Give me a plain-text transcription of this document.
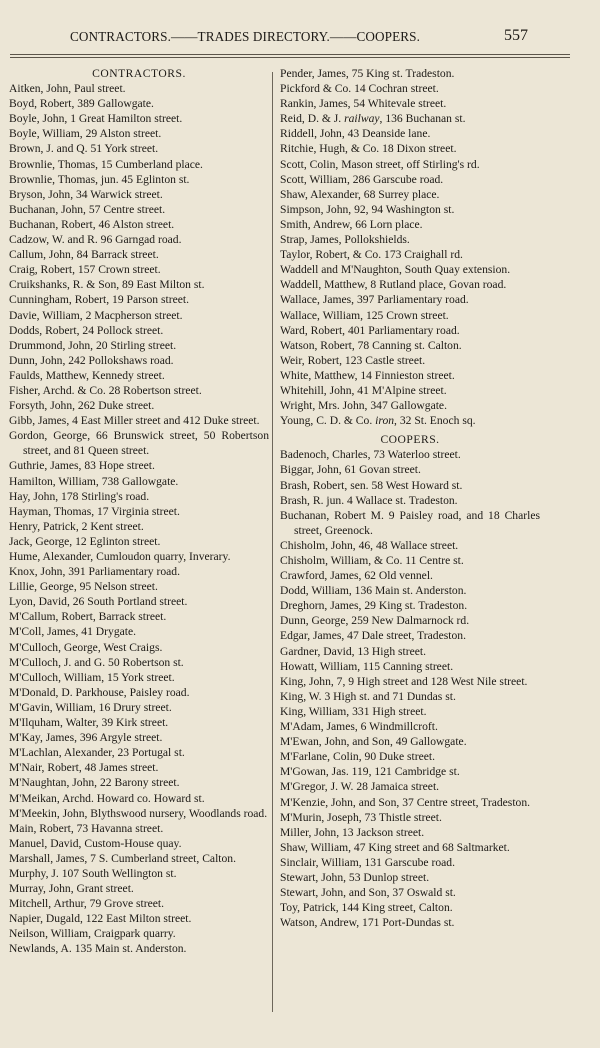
CONTRACTORS.——TRADES DIRECTORY.——COOPERS.	557
CONTRACTORS.
Aitken, John, Paul street.
Boyd, Robert, 389 Gallowgate.
Boyle, John, 1 Great Hamilton street.
Boyle, William, 29 Alston street.
Brown, J. and Q. 51 York street.
Brownlie, Thomas, 15 Cumberland place.
Brownlie, Thomas, jun. 45 Eglinton st.
Bryson, John, 34 Warwick street.
Buchanan, John, 57 Centre street.
Buchanan, Robert, 46 Alston street.
Cadzow, W. and R. 96 Garngad road.
Callum, John, 84 Barrack street.
Craig, Robert, 157 Crown street.
Cruikshanks, R. & Son, 89 East Milton st.
Cunningham, Robert, 19 Parson street.
Davie, William, 2 Macpherson street.
Dodds, Robert, 24 Pollock street.
Drummond, John, 20 Stirling street.
Dunn, John, 242 Pollokshaws road.
Faulds, Matthew, Kennedy street.
Fisher, Archd. & Co. 28 Robertson street.
Forsyth, John, 262 Duke street.
Gibb, James, 4 East Miller street and 412 Duke street.
Gordon, George, 66 Brunswick street, 50 Robertson street, and 81 Queen street.
Guthrie, James, 83 Hope street.
Hamilton, William, 738 Gallowgate.
Hay, John, 178 Stirling's road.
Hayman, Thomas, 17 Virginia street.
Henry, Patrick, 2 Kent street.
Jack, George, 12 Eglinton street.
Hume, Alexander, Cumloudon quarry, Inverary.
Knox, John, 391 Parliamentary road.
Lillie, George, 95 Nelson street.
Lyon, David, 26 South Portland street.
M'Callum, Robert, Barrack street.
M'Coll, James, 41 Drygate.
M'Culloch, George, West Craigs.
M'Culloch, J. and G. 50 Robertson st.
M'Culloch, William, 15 York street.
M'Donald, D. Parkhouse, Paisley road.
M'Gavin, William, 16 Drury street.
M'Ilquham, Walter, 39 Kirk street.
M'Kay, James, 396 Argyle street.
M'Lachlan, Alexander, 23 Portugal st.
M'Nair, Robert, 48 James street.
M'Naughtan, John, 22 Barony street.
M'Meikan, Archd. Howard co. Howard st.
M'Meekin, John, Blythswood nursery, Woodlands road.
Main, Robert, 73 Havanna street.
Manuel, David, Custom-House quay.
Marshall, James, 7 S. Cumberland street, Calton.
Murphy, J. 107 South Wellington st.
Murray, John, Grant street.
Mitchell, Arthur, 79 Grove street.
Napier, Dugald, 122 East Milton street.
Neilson, William, Craigpark quarry.
Newlands, A. 135 Main st. Anderston.
Pender, James, 75 King st. Tradeston.
Pickford & Co. 14 Cochran street.
Rankin, James, 54 Whitevale street.
Reid, D. & J. railway, 136 Buchanan st.
Riddell, John, 43 Deanside lane.
Ritchie, Hugh, & Co. 18 Dixon street.
Scott, Colin, Mason street, off Stirling's rd.
Scott, William, 286 Garscube road.
Shaw, Alexander, 68 Surrey place.
Simpson, John, 92, 94 Washington st.
Smith, Andrew, 66 Lorn place.
Strap, James, Pollokshields.
Taylor, Robert, & Co. 173 Craighall rd.
Waddell and M'Naughton, South Quay extension.
Waddell, Matthew, 8 Rutland place, Govan road.
Wallace, James, 397 Parliamentary road.
Wallace, William, 125 Crown street.
Ward, Robert, 401 Parliamentary road.
Watson, Robert, 78 Canning st. Calton.
Weir, Robert, 123 Castle street.
White, Matthew, 14 Finnieston street.
Whitehill, John, 41 M'Alpine street.
Wright, Mrs. John, 347 Gallowgate.
Young, C. D. & Co. iron, 32 St. Enoch sq.
COOPERS.
Badenoch, Charles, 73 Waterloo street.
Biggar, John, 61 Govan street.
Brash, Robert, sen. 58 West Howard st.
Brash, R. jun. 4 Wallace st. Tradeston.
Buchanan, Robert M. 9 Paisley road, and 18 Charles street, Greenock.
Chisholm, John, 46, 48 Wallace street.
Chisholm, William, & Co. 11 Centre st.
Crawford, James, 62 Old vennel.
Dodd, William, 136 Main st. Anderston.
Dreghorn, James, 29 King st. Tradeston.
Dunn, George, 259 New Dalmarnock rd.
Edgar, James, 47 Dale street, Tradeston.
Gardner, David, 13 High street.
Howatt, William, 115 Canning street.
King, John, 7, 9 High street and 128 West Nile street.
King, W. 3 High st. and 71 Dundas st.
King, William, 331 High street.
M'Adam, James, 6 Windmillcroft.
M'Ewan, John, and Son, 49 Gallowgate.
M'Farlane, Colin, 90 Duke street.
M'Gowan, Jas. 119, 121 Cambridge st.
M'Gregor, J. W. 28 Jamaica street.
M'Kenzie, John, and Son, 37 Centre street, Tradeston.
M'Murin, Joseph, 73 Thistle street.
Miller, John, 13 Jackson street.
Shaw, William, 47 King street and 68 Saltmarket.
Sinclair, William, 131 Garscube road.
Stewart, John, 53 Dunlop street.
Stewart, John, and Son, 37 Oswald st.
Toy, Patrick, 144 King street, Calton.
Watson, Andrew, 171 Port-Dundas st.
